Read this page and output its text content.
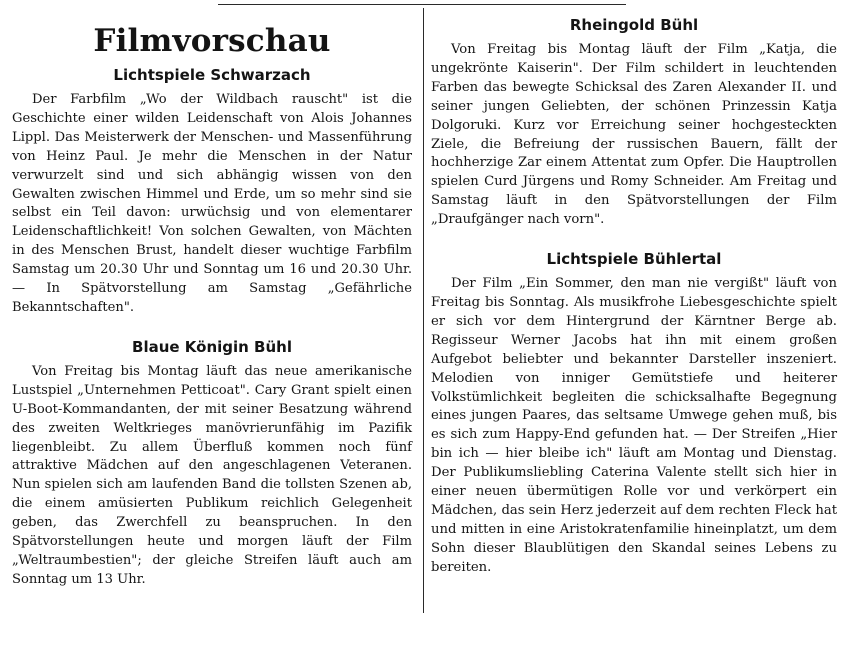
Filmvorschau
Lichtspiele Schwarzach

Der Farbfilm „Wo der Wildbach rauscht" ist die Geschichte einer wilden Leidenschaft von Alois Johannes Lippl. Das Meisterwerk der Menschen- und Massenführung von Heinz Paul. Je mehr die Menschen in der Natur verwurzelt sind und sich abhängig wissen von den Gewalten zwischen Himmel und Erde, um so mehr sind sie selbst ein Teil davon: urwüchsig und von elementarer Leidenschaftlichkeit! Von solchen Gewalten, von Mächten in des Menschen Brust, handelt dieser wuchtige Farbfilm Samstag um 20.30 Uhr und Sonntag um 16 und 20.30 Uhr. — In Spätvorstellung am Samstag „Gefährliche Bekanntschaften".

Blaue Königin Bühl

Von Freitag bis Montag läuft das neue amerikanische Lustspiel „Unternehmen Petticoat". Cary Grant spielt einen U-Boot-Kommandanten, der mit seiner Besatzung während des zweiten Weltkrieges manövrierunfähig im Pazifik liegenbleibt. Zu allem Überfluß kommen noch fünf attraktive Mädchen auf den angeschlagenen Veteranen. Nun spielen sich am laufenden Band die tollsten Szenen ab, die einem amüsierten Publikum reichlich Gelegenheit geben, das Zwerchfell zu beanspruchen. In den Spätvorstellungen heute und morgen läuft der Film „Weltraumbestien"; der gleiche Streifen läuft auch am Sonntag um 13 Uhr.

Rheingold Bühl

Von Freitag bis Montag läuft der Film „Katja, die ungekrönte Kaiserin". Der Film schildert in leuchtenden Farben das bewegte Schicksal des Zaren Alexander II. und seiner jungen Geliebten, der schönen Prinzessin Katja Dolgoruki. Kurz vor Erreichung seiner hochgesteckten Ziele, die Befreiung der russischen Bauern, fällt der hochherzige Zar einem Attentat zum Opfer. Die Hauptrollen spielen Curd Jürgens und Romy Schneider. Am Freitag und Samstag läuft in den Spätvorstellungen der Film „Draufgänger nach vorn".

Lichtspiele Bühlertal

Der Film „Ein Sommer, den man nie vergißt" läuft von Freitag bis Sonntag. Als musikfrohe Liebesgeschichte spielt er sich vor dem Hintergrund der Kärntner Berge ab. Regisseur Werner Jacobs hat ihn mit einem großen Aufgebot beliebter und bekannter Darsteller inszeniert. Melodien von inniger Gemütstiefe und heiterer Volkstümlichkeit begleiten die schicksalhafte Begegnung eines jungen Paares, das seltsame Umwege gehen muß, bis es sich zum Happy-End gefunden hat. — Der Streifen „Hier bin ich — hier bleibe ich" läuft am Montag und Dienstag. Der Publikumsliebling Caterina Valente stellt sich hier in einer neuen übermütigen Rolle vor und verkörpert ein Mädchen, das sein Herz jederzeit auf dem rechten Fleck hat und mitten in eine Aristokratenfamilie hineinplatzt, um dem Sohn dieser Blaublütigen den Skandal seines Lebens zu bereiten.
